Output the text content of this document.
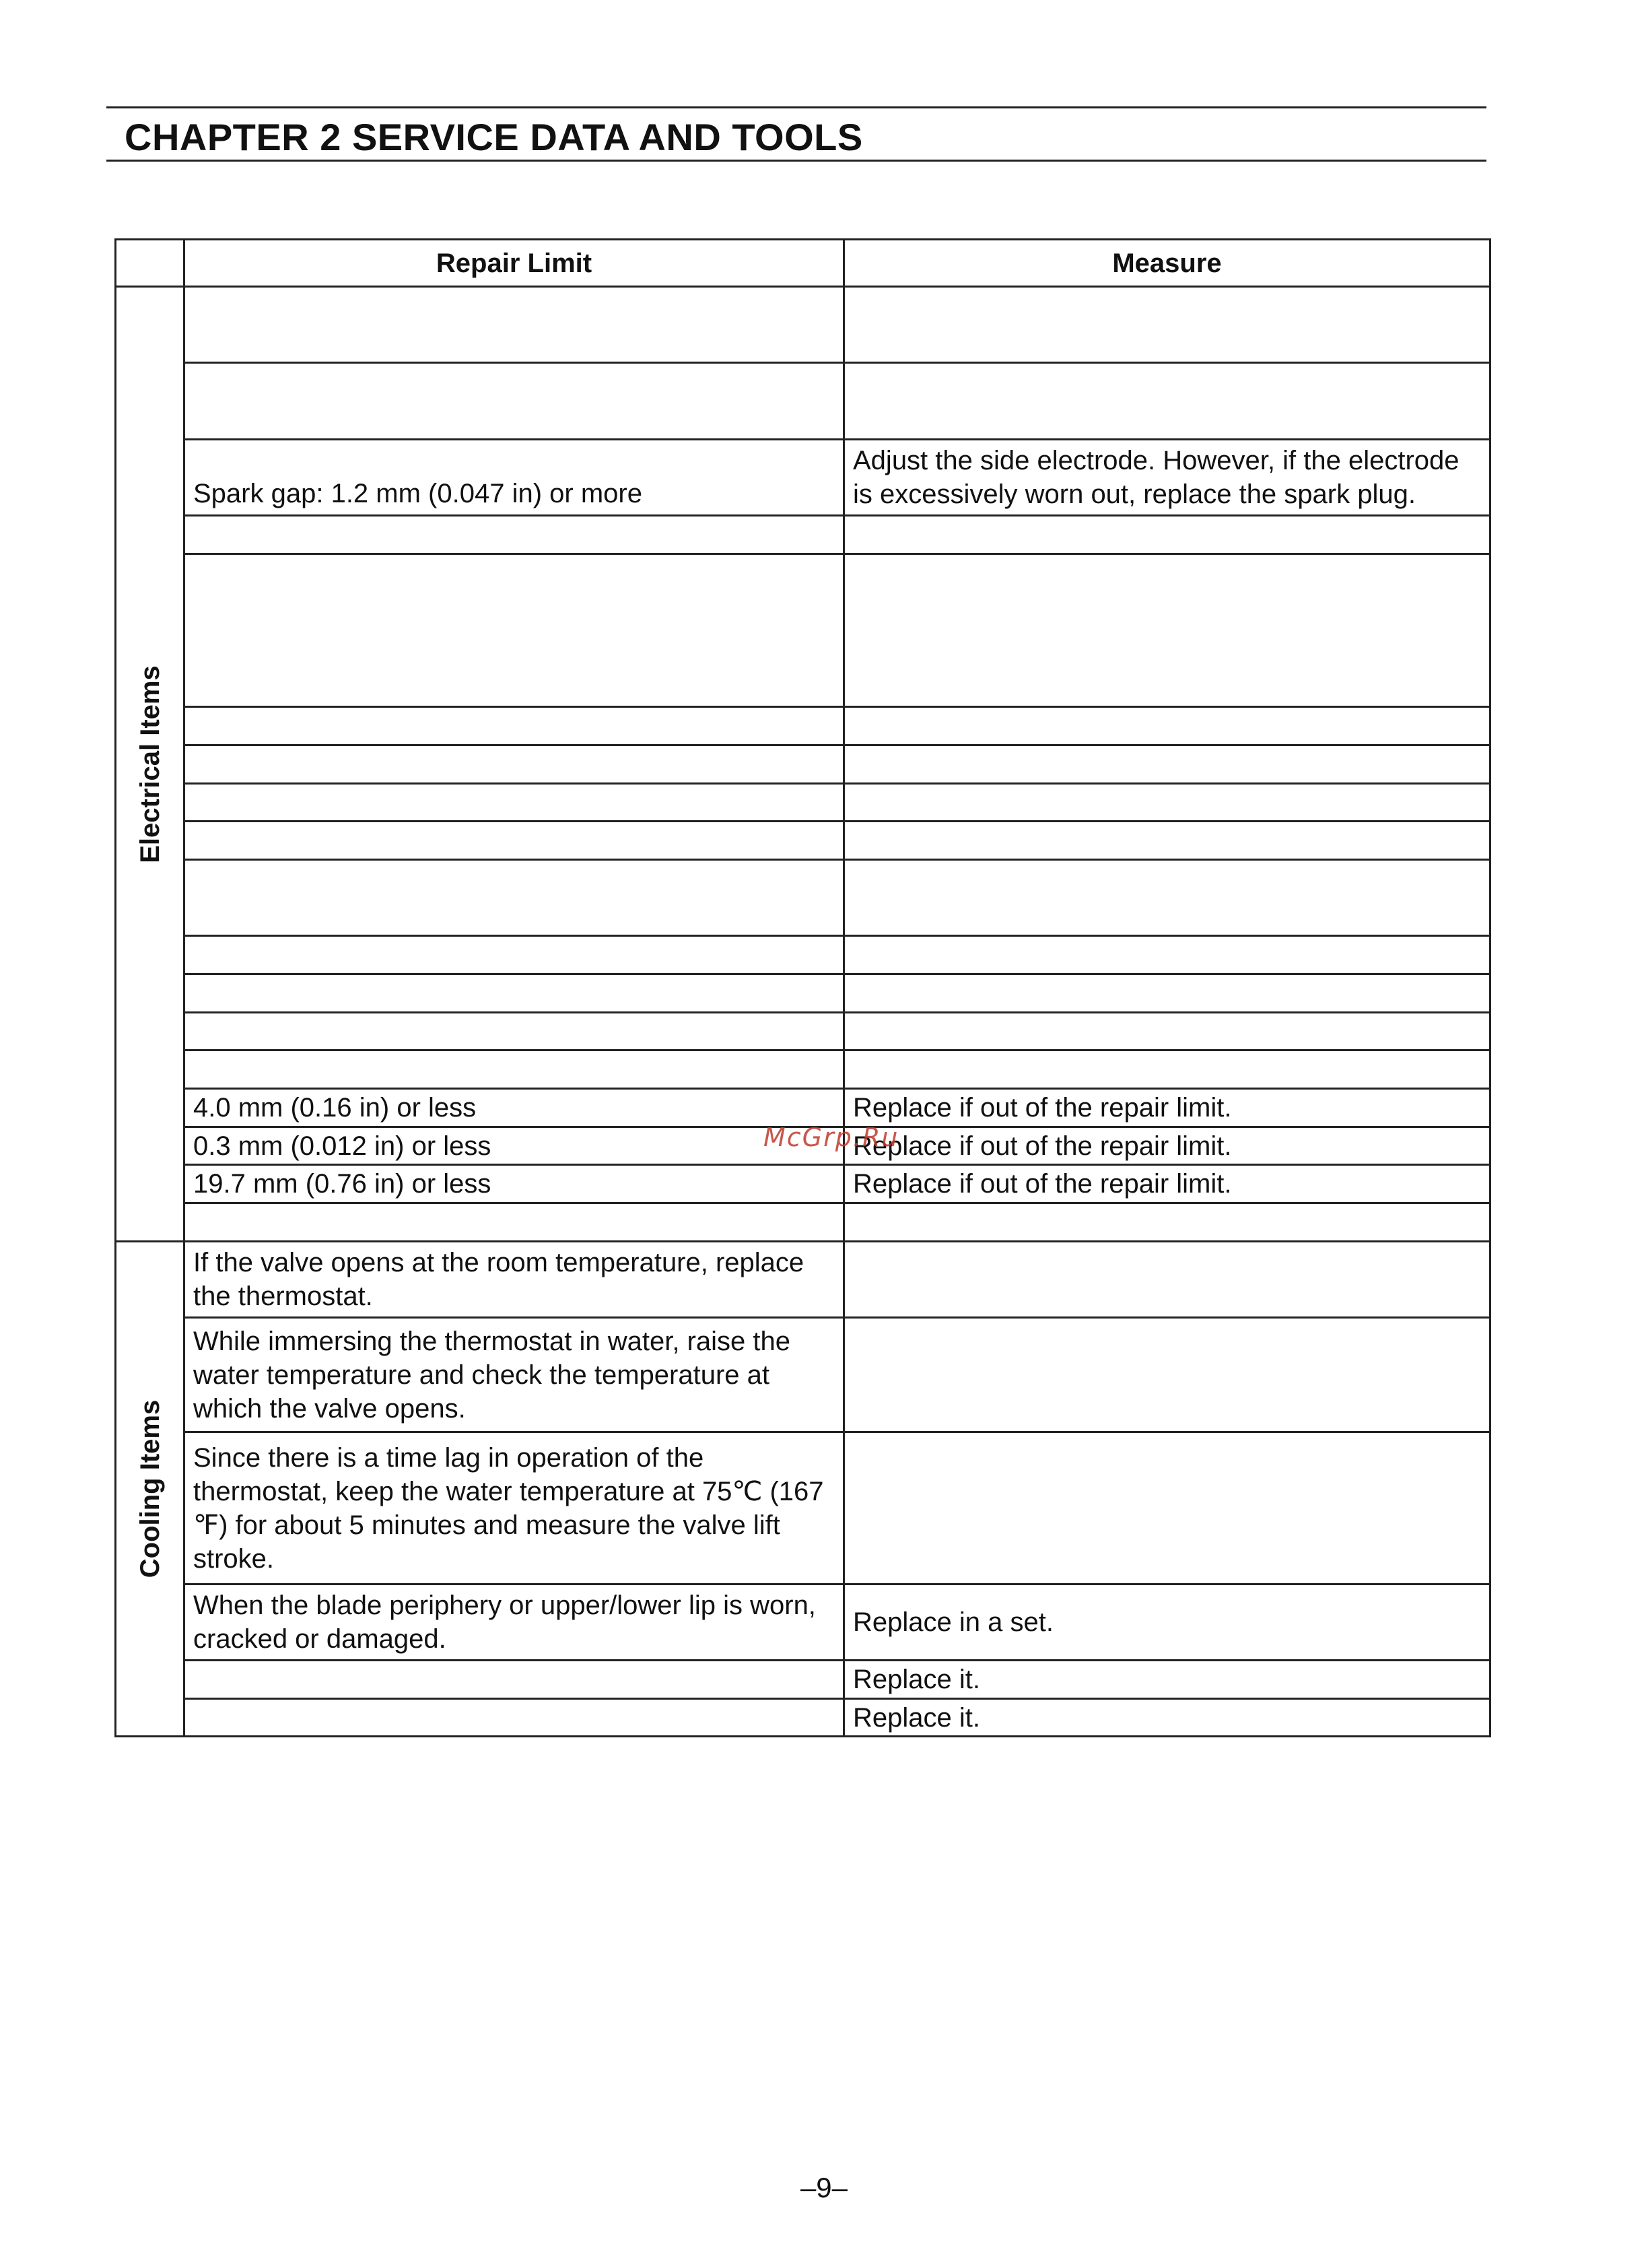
CHAPTER 2 SERVICE DATA AND TOOLS
	Repair Limit	Measure

Electrical Items		

	Spark gap: 1.2 mm (0.047 in) or more	Adjust the side electrode. However, if the electrode is excessively worn out, replace the spark plug.

	4.0 mm (0.16 in) or less	Replace if out of the repair limit.
	0.3 mm (0.012 in) or less	Replace if out of the repair limit.
	19.7 mm (0.76 in) or less	Replace if out of the repair limit.

Cooling Items	If the valve opens at the room temperature, replace the thermostat.	
	While immersing the thermostat in water, raise the water temperature and check the temperature at which the valve opens.	
	Since there is a time lag in operation of the thermostat, keep the water temperature at 75℃ (167 ℉) for about 5 minutes and measure the valve lift stroke.	
	When the blade periphery or upper/lower lip is worn, cracked or damaged.	Replace in a set.
		Replace it.
		Replace it.
McGrp.Ru
–9–
